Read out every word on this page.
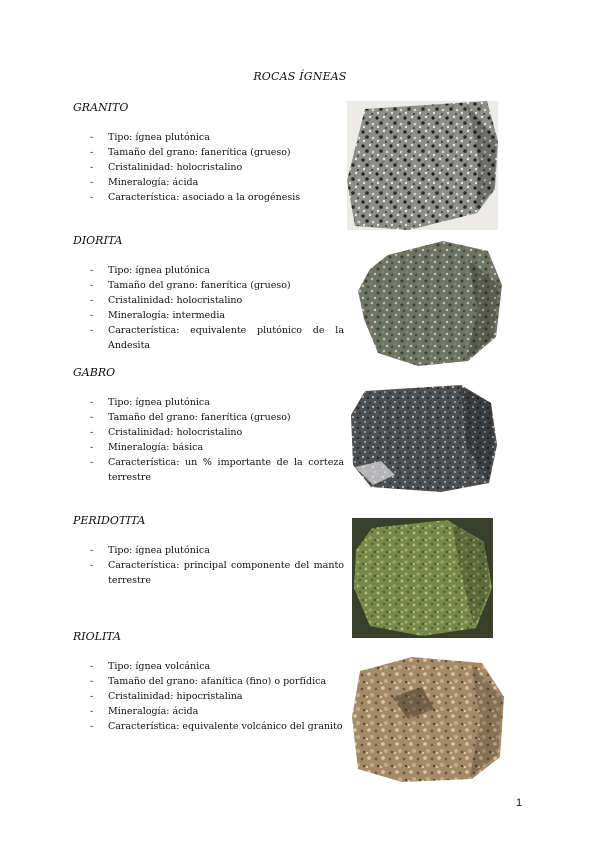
ROCAS ÍGNEAS
GRANITO
- Tipo: ígnea plutónica
- Tamaño del grano: fanerítica (grueso)
- Cristalinidad: holocristalino
- Mineralogía: ácida
- Característica: asociado a la orogénesis
DIORITA
- Tipo: ígnea plutónica
- Tamaño del grano: fanerítica (grueso)
- Cristalinidad: holocristalino
- Mineralogía: intermedia
- Característica: equivalente plutónico de la Andesita
GABRO
- Tipo: ígnea plutónica
- Tamaño del grano: fanerítica (grueso)
- Cristalinidad: holocristalino
- Mineralogía: básica
- Característica: un % importante de la corteza terrestre
PERIDOTITA
- Tipo: ígnea plutónica
- Característica: principal componente del manto terrestre
RIOLITA
- Tipo: ígnea volcánica
- Tamaño del grano: afanítica (fino) o porfídica
- Cristalinidad: hipocristalina
- Mineralogía: ácida
- Característica: equivalente volcánico del granito
1
